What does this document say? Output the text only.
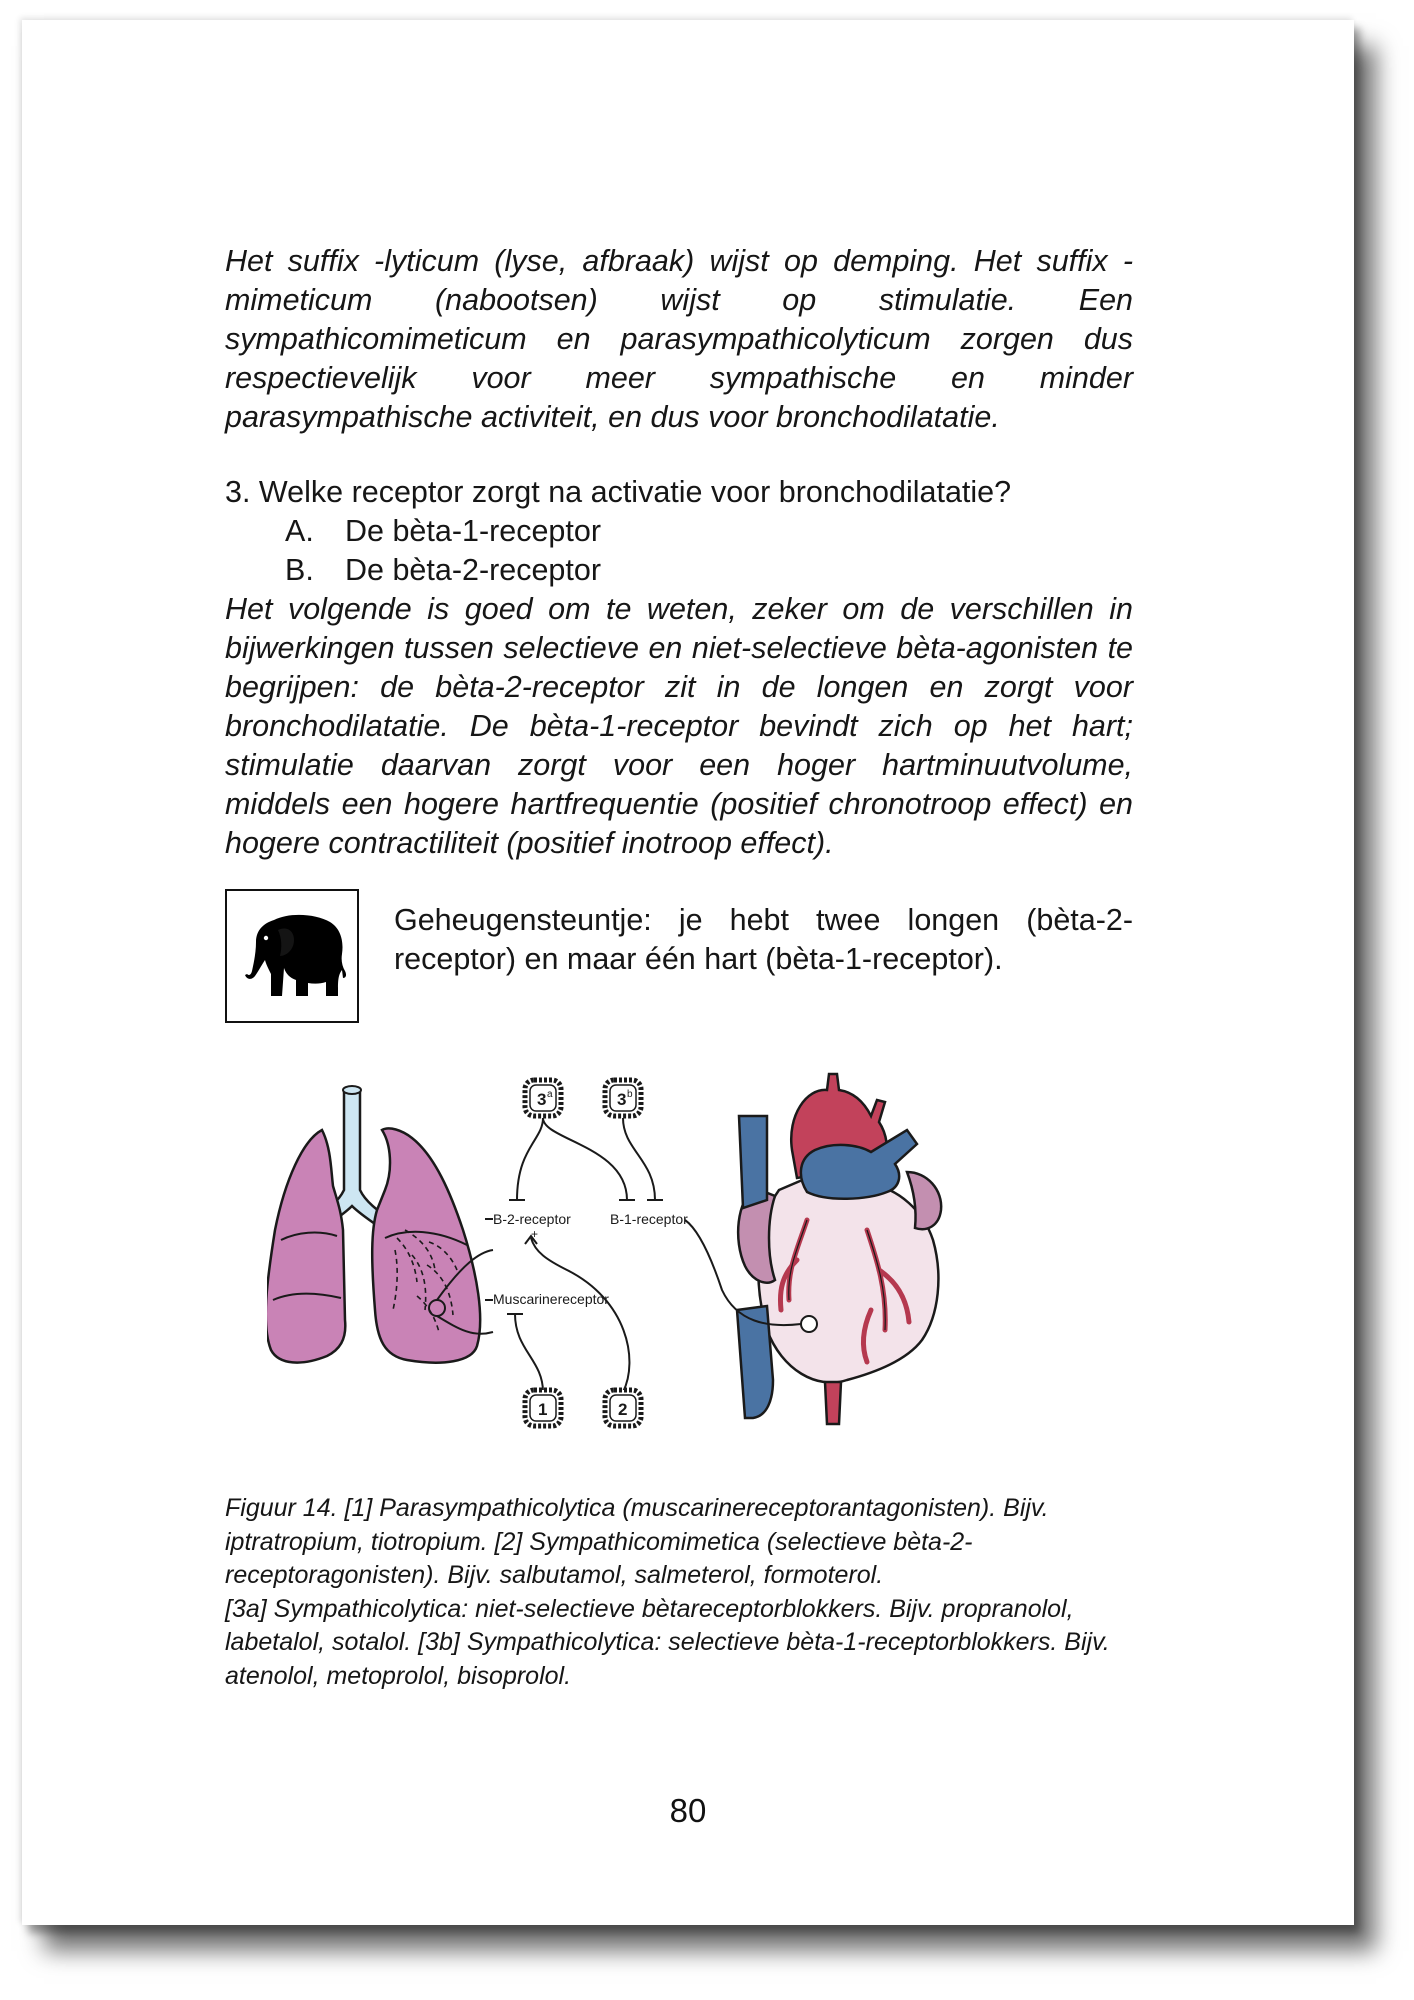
Het suffix -lyticum (lyse, afbraak) wijst op demping. Het suffix -mimeticum (nabootsen) wijst op stimulatie. Een sympathicomimeticum en parasympathicolyticum zorgen dus respectievelijk voor meer sympathische en minder parasympathische activiteit, en dus voor bronchodilatatie.

3. Welke receptor zorgt na activatie voor bronchodilatatie?

A.	De bèta-1-receptor
B.	De bèta-2-receptor

Het volgende is goed om te weten, zeker om de verschillen in bijwerkingen tussen selectieve en niet-selectieve bèta-agonisten te begrijpen: de bèta-2-receptor zit in de longen en zorgt voor bronchodilatatie. De bèta-1-receptor bevindt zich op het hart; stimulatie daarvan zorgt voor een hoger hartminuutvolume, middels een hogere hartfrequentie (positief chronotroop effect) en hogere contractiliteit (positief inotroop effect).

Geheugensteuntje: je hebt twee longen (bèta-2-receptor) en maar één hart (bèta-1-receptor).

B-2-receptor	B-1-receptor
Muscarinereceptor
+
3 a	3 b
1	2

Figuur 14. [1] Parasympathicolytica (muscarinereceptorantagonisten). Bijv. iptratropium, tiotropium. [2] Sympathicomimetica (selectieve bèta-2-receptoragonisten). Bijv. salbutamol, salmeterol, formoterol.

[3a] Sympathicolytica: niet-selectieve bètareceptorblokkers. Bijv. propranolol, labetalol, sotalol. [3b] Sympathicolytica: selectieve bèta-1-receptorblokkers. Bijv. atenolol, metoprolol, bisoprolol.

80
